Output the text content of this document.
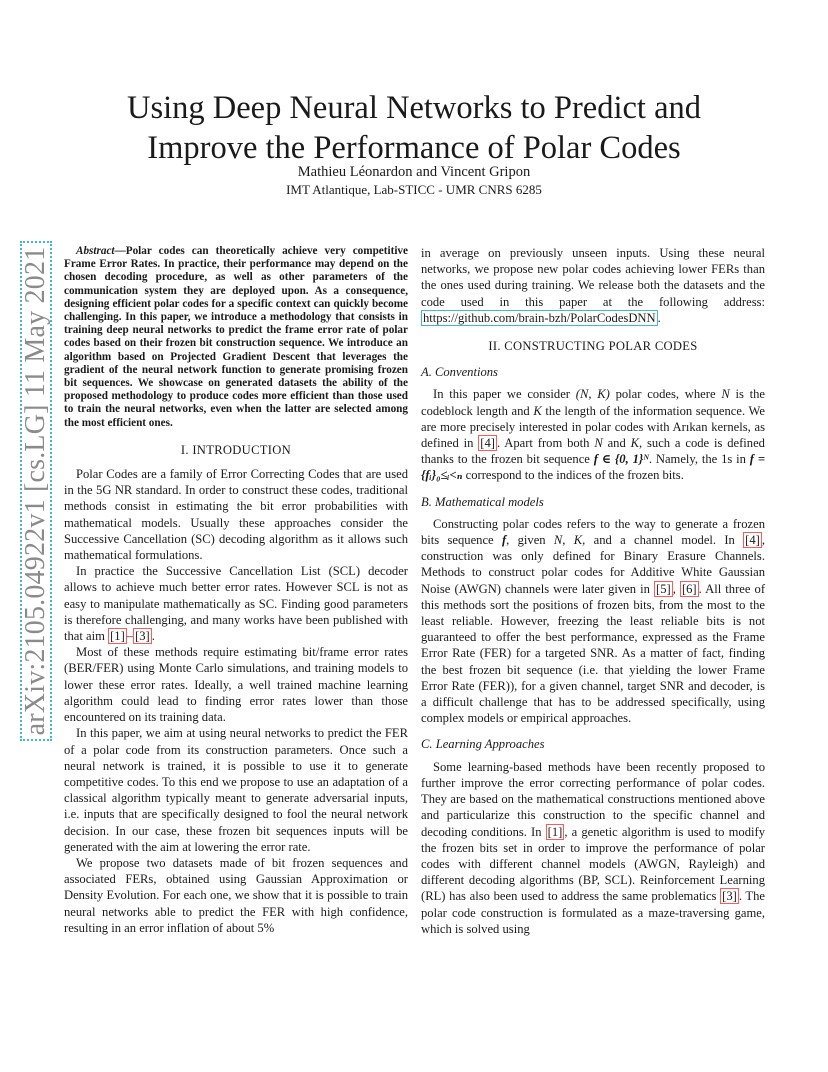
Using Deep Neural Networks to Predict and
Improve the Performance of Polar Codes
Mathieu Léonardon and Vincent Gripon
IMT Atlantique, Lab-STICC - UMR CNRS 6285
arXiv:2105.04922v1 [cs.LG] 11 May 2021	Abstract—Polar codes can theoretically achieve very competitive Frame Error Rates. In practice, their performance may depend on the chosen decoding procedure, as well as other parameters of the communication system they are deployed upon. As a consequence, designing efficient polar codes for a specific context can quickly become challenging. In this paper, we introduce a methodology that consists in training deep neural networks to predict the frame error rate of polar codes based on their frozen bit construction sequence. We introduce an algorithm based on Projected Gradient Descent that leverages the gradient of the neural network function to generate promising frozen bit sequences. We showcase on generated datasets the ability of the proposed methodology to produce codes more efficient than those used to train the neural networks, even when the latter are selected among the most efficient ones.

I. INTRODUCTION

Polar Codes are a family of Error Correcting Codes that are used in the 5G NR standard. In order to construct these codes, traditional methods consist in estimating the bit error probabilities with mathematical models. Usually these approaches consider the Successive Cancellation (SC) decoding algorithm as it allows such mathematical formulations.

In practice the Successive Cancellation List (SCL) decoder allows to achieve much better error rates. However SCL is not as easy to manipulate mathematically as SC. Finding good parameters is therefore challenging, and many works have been published with that aim [1] – [3] .

Most of these methods require estimating bit/frame error rates (BER/FER) using Monte Carlo simulations, and training models to lower these error rates. Ideally, a well trained machine learning algorithm could lead to finding error rates lower than those encountered on its training data.

In this paper, we aim at using neural networks to predict the FER of a polar code from its construction parameters. Once such a neural network is trained, it is possible to use it to generate competitive codes. To this end we propose to use an adaptation of a classical algorithm typically meant to generate adversarial inputs, i.e. inputs that are specifically designed to fool the neural network decision. In our case, these frozen bit sequences inputs will be generated with the aim at lowering the error rate.

We propose two datasets made of bit frozen sequences and associated FERs, obtained using Gaussian Approximation or Density Evolution. For each one, we show that it is possible to train neural networks able to predict the FER with high confidence, resulting in an error inflation of about 5%

in average on previously unseen inputs. Using these neural networks, we propose new polar codes achieving lower FERs than the ones used during training. We release both the datasets and the code used in this paper at the following address: https://github.com/brain-bzh/PolarCodesDNN .

II. CONSTRUCTING POLAR CODES
A. Conventions

In this paper we consider (N, K) polar codes, where N is the codeblock length and K the length of the information sequence. We are more precisely interested in polar codes with Arıkan kernels, as defined in [4] . Apart from both N and K, such a code is defined thanks to the frozen bit sequence f ∈ {0, 1}ᴺ. Namely, the 1s in f = {fᵢ}₀≤ᵢ<ₙ correspond to the indices of the frozen bits.

B. Mathematical models

Constructing polar codes refers to the way to generate a frozen bits sequence f, given N, K, and a channel model. In [4] , construction was only defined for Binary Erasure Channels. Methods to construct polar codes for Additive White Gaussian Noise (AWGN) channels were later given in [5] , [6] . All three of this methods sort the positions of frozen bits, from the most to the least reliable. However, freezing the least reliable bits is not guaranteed to offer the best performance, expressed as the Frame Error Rate (FER) for a targeted SNR. As a matter of fact, finding the best frozen bit sequence (i.e. that yielding the lower Frame Error Rate (FER)), for a given channel, target SNR and decoder, is a difficult challenge that has to be addressed specifically, using complex models or empirical approaches.

C. Learning Approaches

Some learning-based methods have been recently proposed to further improve the error correcting performance of polar codes. They are based on the mathematical constructions mentioned above and particularize this construction to the specific channel and decoding conditions. In [1] , a genetic algorithm is used to modify the frozen bits set in order to improve the performance of polar codes with different channel models (AWGN, Rayleigh) and different decoding algorithms (BP, SCL). Reinforcement Learning (RL) has also been used to address the same problematics [3] . The polar code construction is formulated as a maze-traversing game, which is solved using
